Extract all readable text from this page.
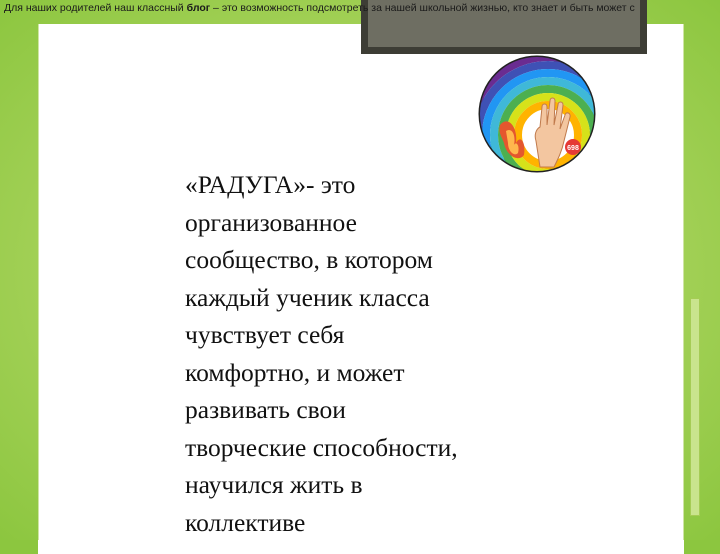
Для наших родителей наш классный блог – это возможность подсмотреть за нашей школьной жизнью, кто знает и быть может с
698
«РАДУГА»- это
организованное
сообщество, в котором
каждый ученик класса
чувствует себя
комфортно, и может
развивать свои
творческие способности,
научился жить в
коллективе
